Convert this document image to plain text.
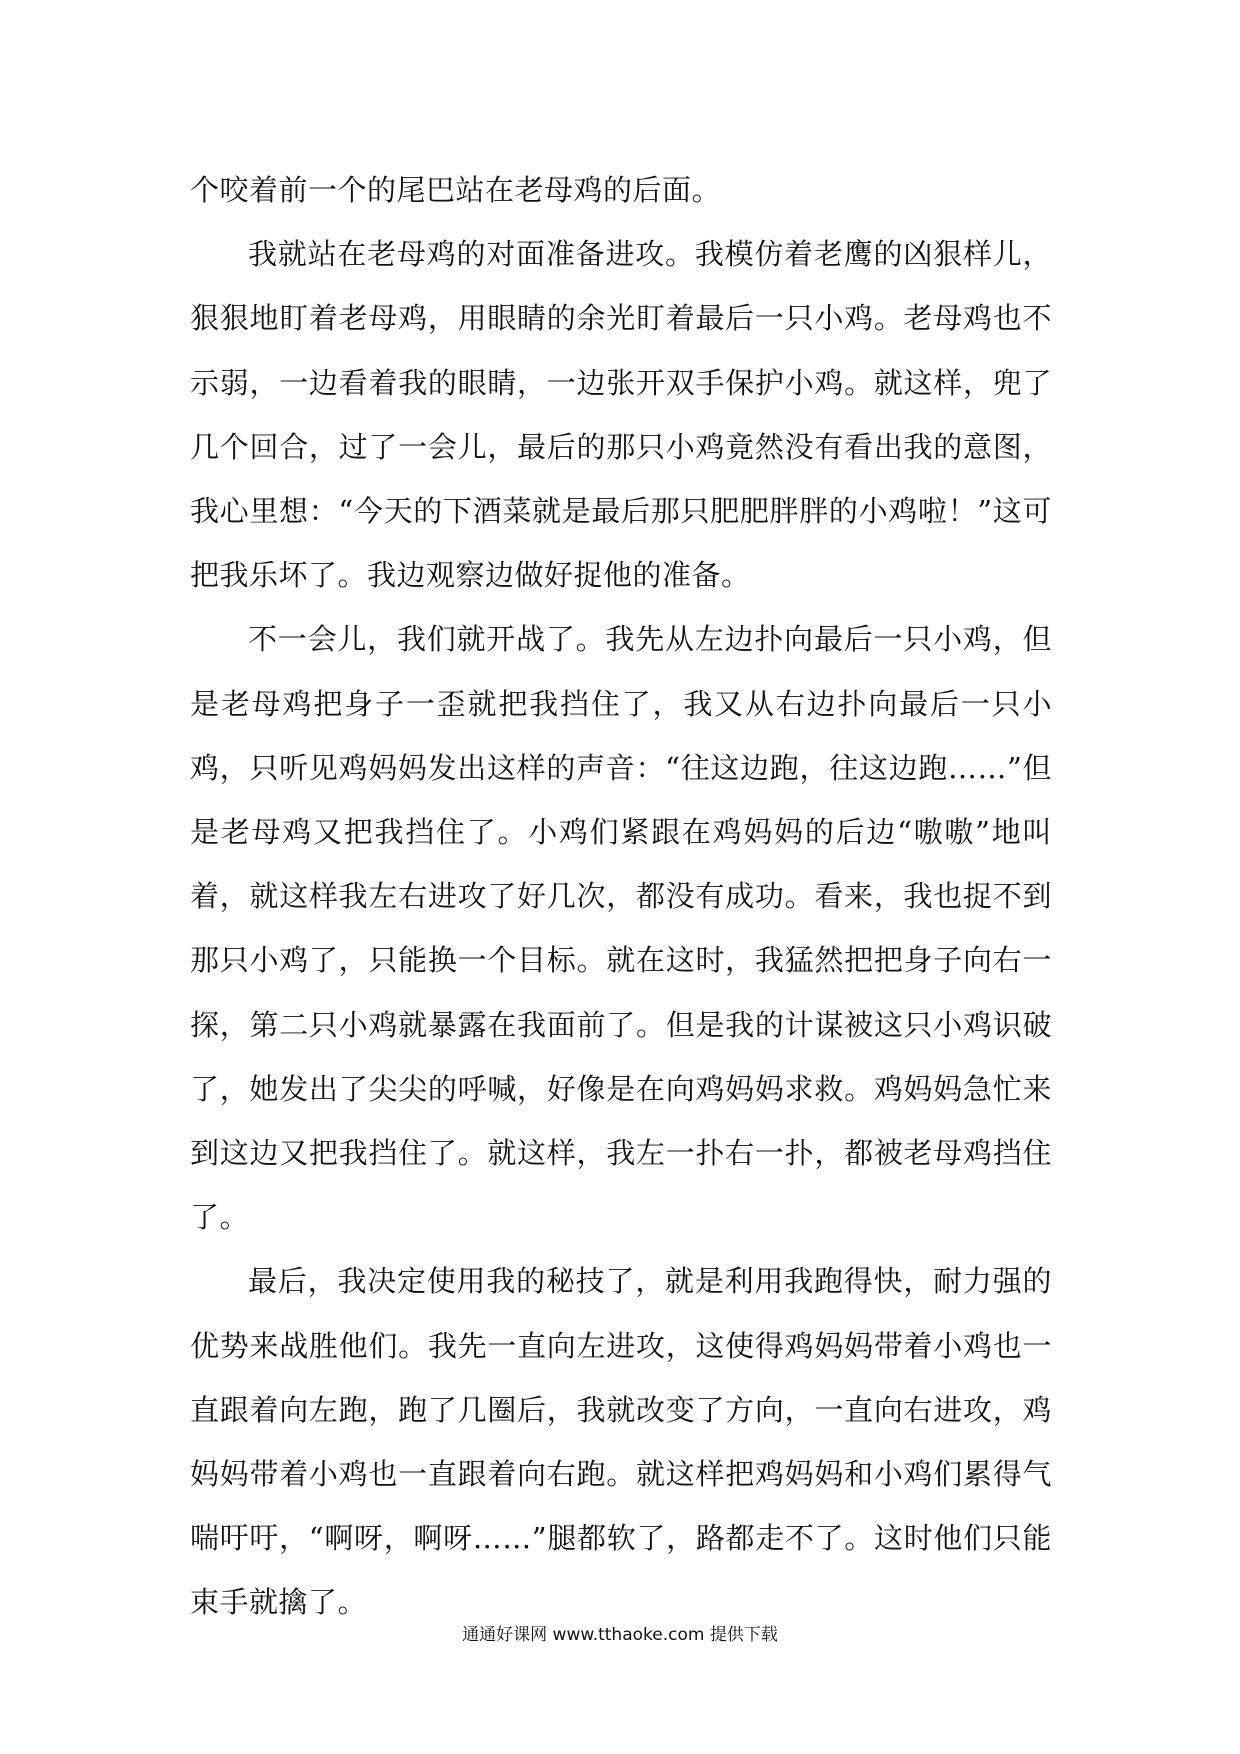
个咬着前一个的尾巴站在老母鸡的后面。

我就站在老母鸡的对面准备进攻。我模仿着老鹰的凶狠样儿，狠狠地盯着老母鸡，用眼睛的余光盯着最后一只小鸡。老母鸡也不示弱，一边看着我的眼睛，一边张开双手保护小鸡。就这样，兜了几个回合，过了一会儿，最后的那只小鸡竟然没有看出我的意图，我心里想：“今天的下酒菜就是最后那只肥肥胖胖的小鸡啦！”这可把我乐坏了。我边观察边做好捉他的准备。

不一会儿，我们就开战了。我先从左边扑向最后一只小鸡，但是老母鸡把身子一歪就把我挡住了，我又从右边扑向最后一只小鸡，只听见鸡妈妈发出这样的声音：“往这边跑，往这边跑……”但是老母鸡又把我挡住了。小鸡们紧跟在鸡妈妈的后边“嗷嗷”地叫着，就这样我左右进攻了好几次，都没有成功。看来，我也捉不到那只小鸡了，只能换一个目标。就在这时，我猛然把把身子向右一探，第二只小鸡就暴露在我面前了。但是我的计谋被这只小鸡识破了，她发出了尖尖的呼喊，好像是在向鸡妈妈求救。鸡妈妈急忙来到这边又把我挡住了。就这样，我左一扑右一扑，都被老母鸡挡住了。

最后，我决定使用我的秘技了，就是利用我跑得快，耐力强的优势来战胜他们。我先一直向左进攻，这使得鸡妈妈带着小鸡也一直跟着向左跑，跑了几圈后，我就改变了方向，一直向右进攻，鸡妈妈带着小鸡也一直跟着向右跑。就这样把鸡妈妈和小鸡们累得气喘吁吁，“啊呀，啊呀……”腿都软了，路都走不了。这时他们只能束手就擒了。

通通好课网 www.tthaoke.com 提供下载
